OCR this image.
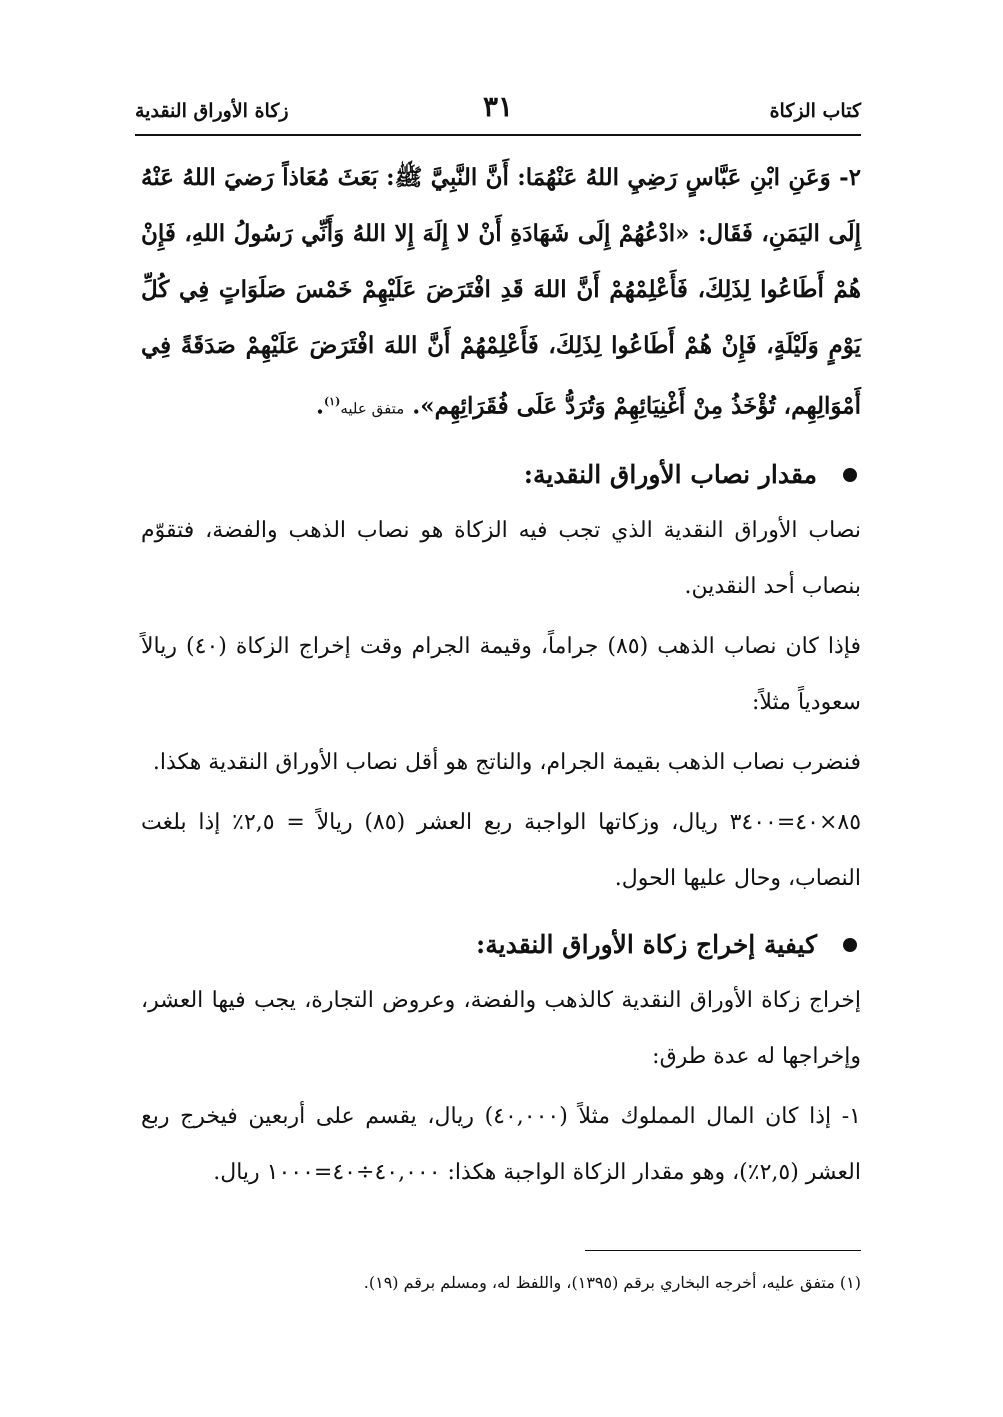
كتاب الزكاة
٣١
زكاة الأوراق النقدية
٢- وَعَنِ ابْنِ عَبَّاسٍ رَضِيِ اللهُ عَنْهُمَا: أَنَّ النَّبِيَّ ﷺ: بَعَثَ مُعَاذاً رَضيَ اللهُ عَنْهُ إِلَى اليَمَنِ، فَقَال: «ادْعُهُمْ إِلَى شَهَادَةِ أَنْ لا إِلَهَ إِلا اللهُ وَأَنِّي رَسُولُ اللهِ، فَإِنْ هُمْ أَطَاعُوا لِذَلِكَ، فَأَعْلِمْهُمْ أَنَّ اللهَ قَدِ افْتَرَضَ عَلَيْهِمْ خَمْسَ صَلَوَاتٍ فِي كُلِّ يَوْمٍ وَلَيْلَةٍ، فَإِنْ هُمْ أَطَاعُوا لِذَلِكَ، فَأَعْلِمْهُمْ أَنَّ اللهَ افْتَرَضَ عَلَيْهِمْ صَدَقَةً فِي أَمْوَالِهِم، تُؤْخَذُ مِنْ أَغْنِيَائِهِمْ وَتُرَدُّ عَلَى فُقَرَائِهِم». متفق عليه$^{(١)}$.
مقدار نصاب الأوراق النقدية:

نصاب الأوراق النقدية الذي تجب فيه الزكاة هو نصاب الذهب والفضة، فتقوّم بنصاب أحد النقدين.

فإذا كان نصاب الذهب (٨٥) جراماً، وقيمة الجرام وقت إخراج الزكاة (٤٠) ريالاً سعودياً مثلاً:

فنضرب نصاب الذهب بقيمة الجرام، والناتج هو أقل نصاب الأوراق النقدية هكذا.

٨٥×٤٠=٣٤٠٠ ريال، وزكاتها الواجبة ربع العشر (٨٥) ريالاً = ٢,٥٪ إذا بلغت النصاب، وحال عليها الحول.

كيفية إخراج زكاة الأوراق النقدية:

إخراج زكاة الأوراق النقدية كالذهب والفضة، وعروض التجارة، يجب فيها العشر، وإخراجها له عدة طرق:

١- إذا كان المال المملوك مثلاً (٤٠,٠٠٠) ريال، يقسم على أربعين فيخرج ربع العشر (٢,٥٪)، وهو مقدار الزكاة الواجبة هكذا: ٤٠,٠٠٠÷٤٠=١٠٠٠ ريال.

(١) متفق عليه، أخرجه البخاري برقم (١٣٩٥)، واللفظ له، ومسلم برقم (١٩).
